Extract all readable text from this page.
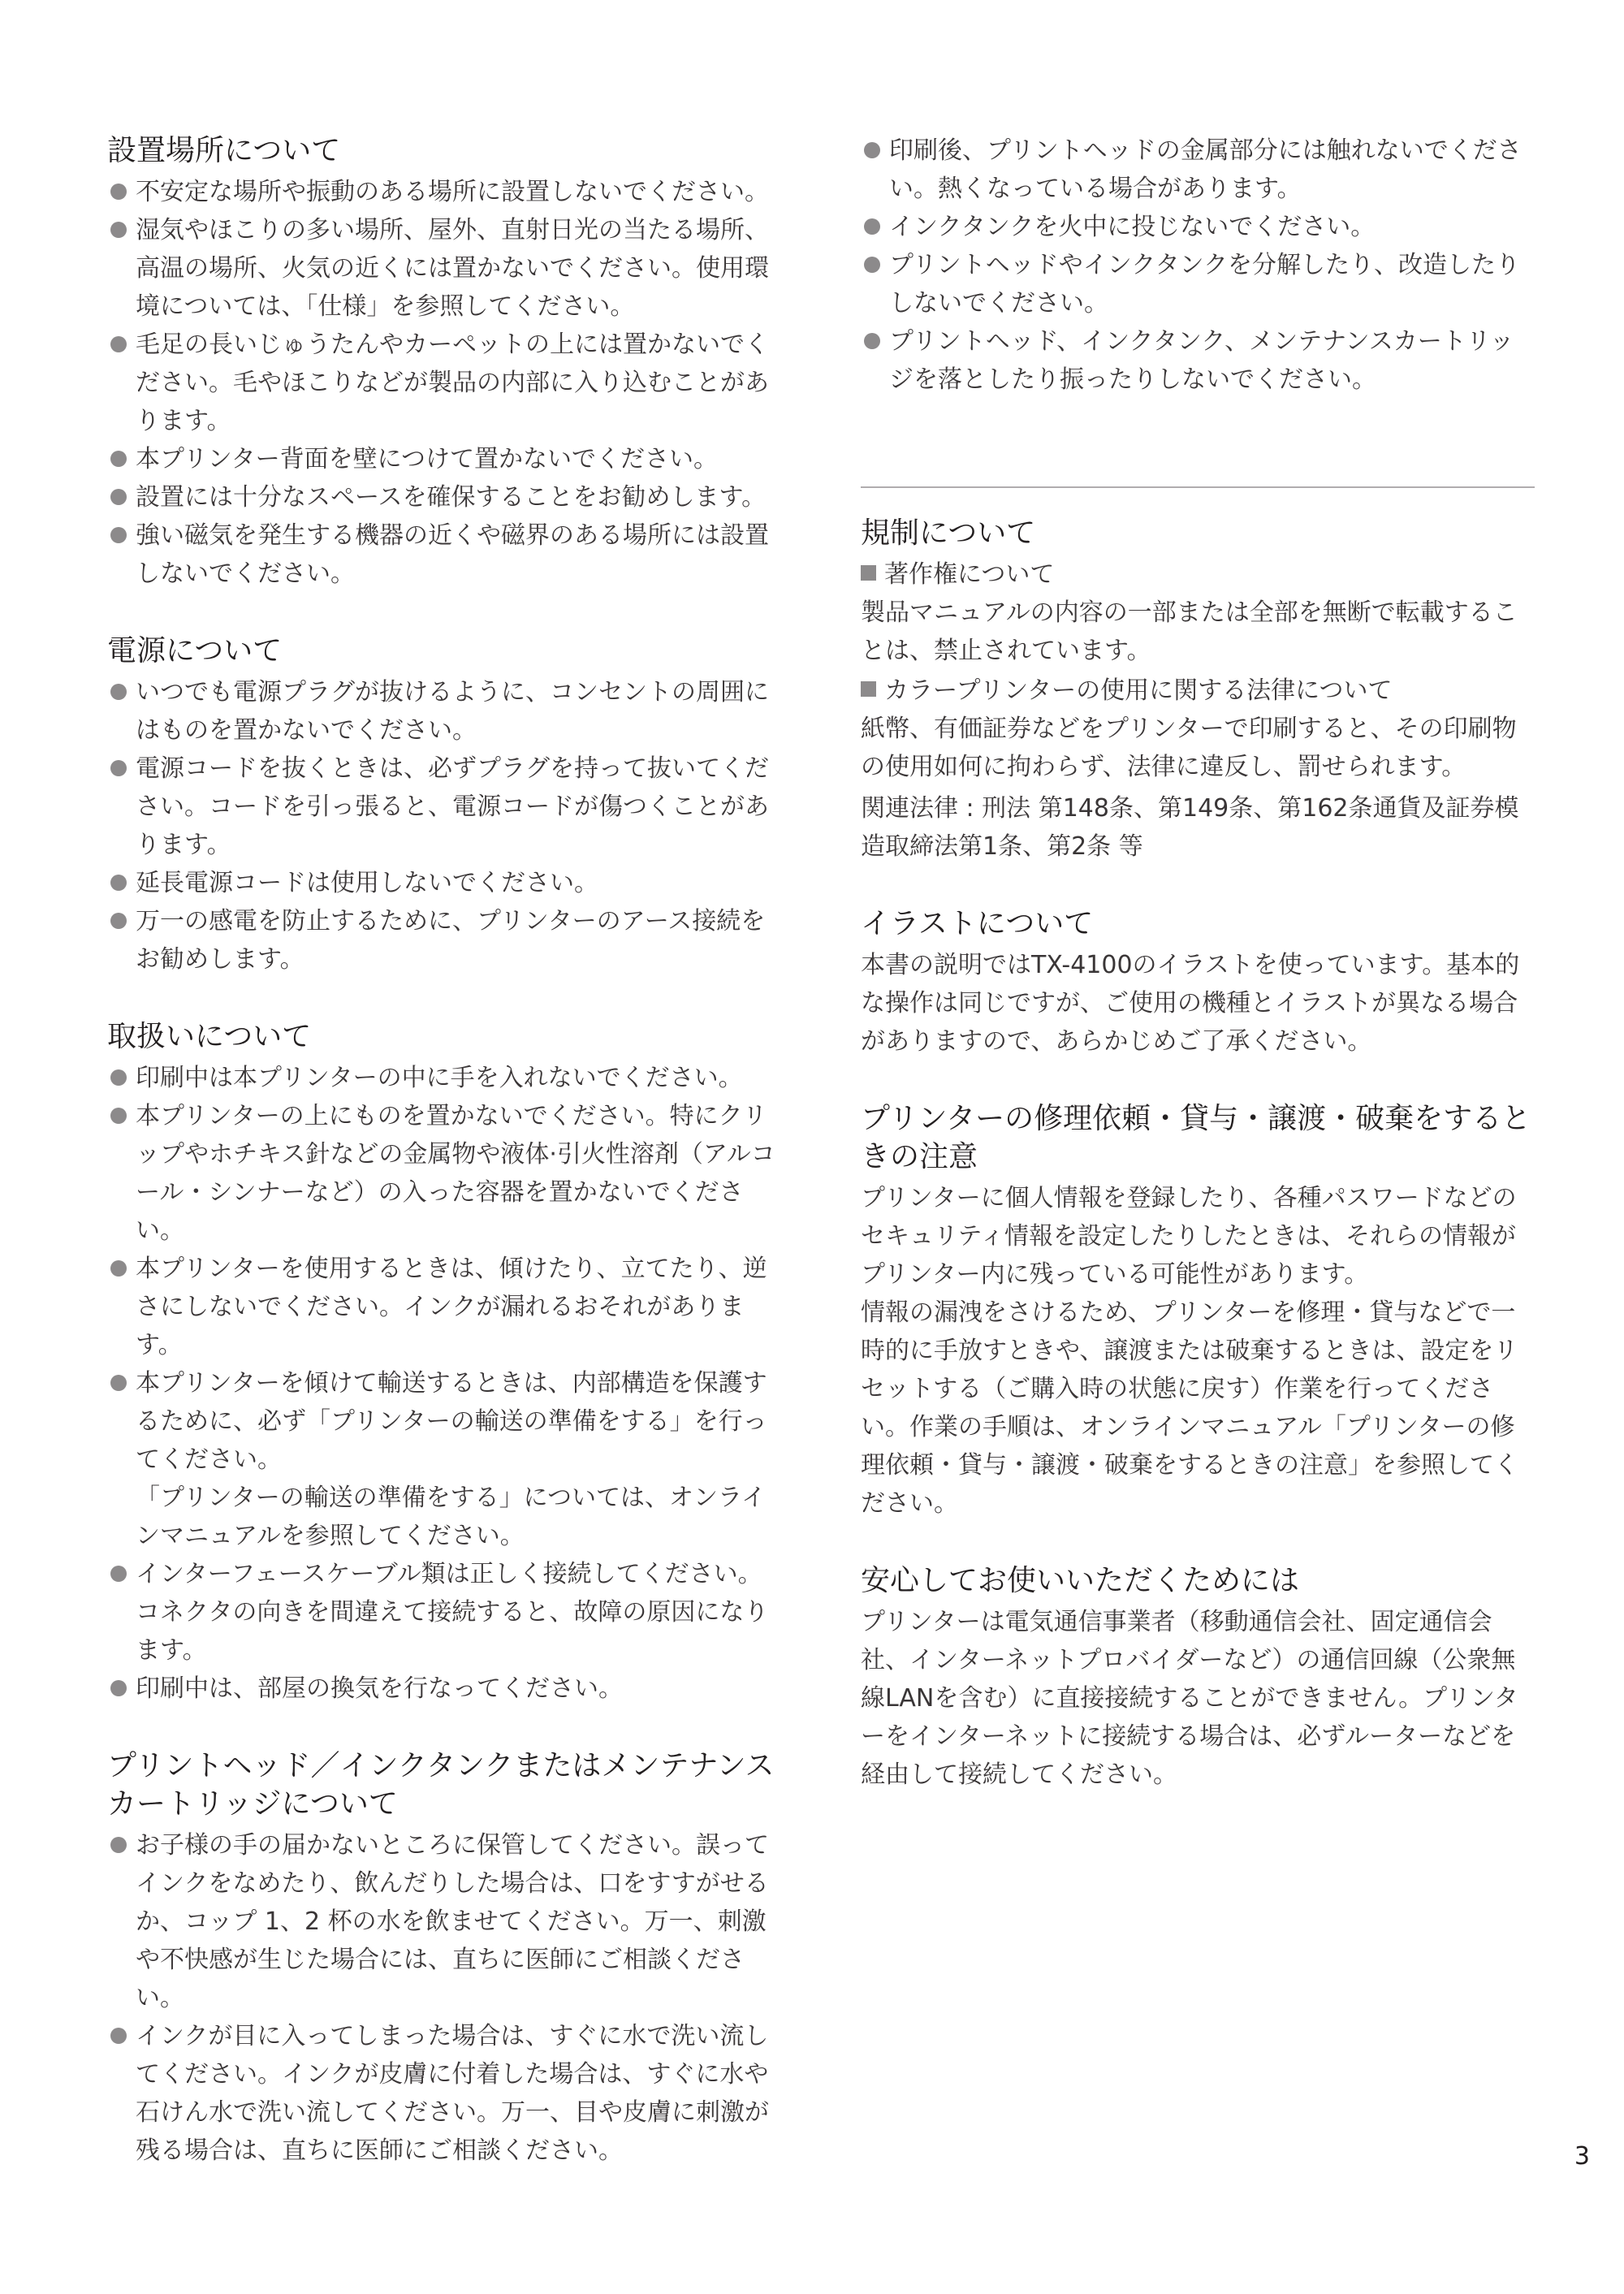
設置場所について
不安定な場所や振動のある場所に設置しないでください。
湿気やほこりの多い場所、屋外、直射日光の当たる場所、高温の場所、火気の近くには置かないでください。使用環境については、「仕様」を参照してください。
毛足の長いじゅうたんやカーペットの上には置かないでください。毛やほこりなどが製品の内部に入り込むことがあります。
本プリンター背面を壁につけて置かないでください。
設置には十分なスペースを確保することをお勧めします。
強い磁気を発生する機器の近くや磁界のある場所には設置しないでください。
電源について
いつでも電源プラグが抜けるように、コンセントの周囲にはものを置かないでください。
電源コードを抜くときは、必ずプラグを持って抜いてください。コードを引っ張ると、電源コードが傷つくことがあります。
延長電源コードは使用しないでください。
万一の感電を防止するために、プリンターのアース接続をお勧めします。
取扱いについて
印刷中は本プリンターの中に手を入れないでください。
本プリンターの上にものを置かないでください。特にクリップやホチキス針などの金属物や液体·引火性溶剤（アルコール・シンナーなど）の入った容器を置かないでください。
本プリンターを使用するときは、傾けたり、立てたり、逆さにしないでください。インクが漏れるおそれがあります。
本プリンターを傾けて輸送するときは、内部構造を保護するために、必ず「プリンターの輸送の準備をする」を行ってください。
「プリンターの輸送の準備をする」については、オンラインマニュアルを参照してください。
インターフェースケーブル類は正しく接続してください。コネクタの向きを間違えて接続すると、故障の原因になります。
印刷中は、部屋の換気を行なってください。
プリントヘッド／インクタンクまたはメンテナンスカートリッジについて
お子様の手の届かないところに保管してください。誤ってインクをなめたり、飲んだりした場合は、口をすすがせるか、コップ 1、2 杯の水を飲ませてください。万一、刺激や不快感が生じた場合には、直ちに医師にご相談ください。
インクが目に入ってしまった場合は、すぐに水で洗い流してください。インクが皮膚に付着した場合は、すぐに水や石けん水で洗い流してください。万一、目や皮膚に刺激が残る場合は、直ちに医師にご相談ください。
印刷後、プリントヘッドの金属部分には触れないでください。熱くなっている場合があります。
インクタンクを火中に投じないでください。
プリントヘッドやインクタンクを分解したり、改造したりしないでください。
プリントヘッド、インクタンク、メンテナンスカートリッジを落としたり振ったりしないでください。
規制について

著作権について

製品マニュアルの内容の一部または全部を無断で転載することは、禁止されています。

カラープリンターの使用に関する法律について

紙幣、有価証券などをプリンターで印刷すると、その印刷物の使用如何に拘わらず、法律に違反し、罰せられます。

関連法律 : 刑法 第148条、第149条、第162条通貨及証券模造取締法第1条、第2条 等

イラストについて

本書の説明ではTX-4100のイラストを使っています。基本的な操作は同じですが、ご使用の機種とイラストが異なる場合がありますので、あらかじめご了承ください。

プリンターの修理依頼・貸与・譲渡・破棄をするときの注意

プリンターに個人情報を登録したり、各種パスワードなどのセキュリティ情報を設定したりしたときは、それらの情報がプリンター内に残っている可能性があります。

情報の漏洩をさけるため、プリンターを修理・貸与などで一時的に手放すときや、譲渡または破棄するときは、設定をリセットする（ご購入時の状態に戻す）作業を行ってください。作業の手順は、オンラインマニュアル「プリンターの修理依頼・貸与・譲渡・破棄をするときの注意」を参照してください。

安心してお使いいただくためには

プリンターは電気通信事業者（移動通信会社、固定通信会社、インターネットプロバイダーなど）の通信回線（公衆無線LANを含む）に直接接続することができません。プリンターをインターネットに接続する場合は、必ずルーターなどを経由して接続してください。

3
